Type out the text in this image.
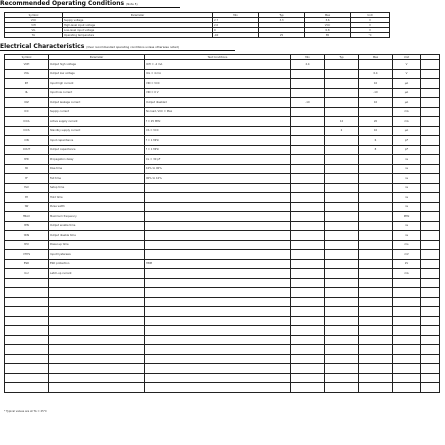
Recommended Operating Conditions (Note 5)
Symbol	Parameter	Min	Typ	Max	Unit
VCC	Supply voltage	2.7	3.3	3.6	V
VIH	High-level input voltage	2.0		VCC	V
VIL	Low-level input voltage	0		0.8	V
TA	Operating temperature	-40	25	85	°C
Electrical Characteristics (Over recommended operating conditions unless otherwise noted)
Symbol	Parameter	Test Conditions	Min	Typ	Max	Unit	
VOH	Output high voltage	IOH = -4 mA	2.4			V	
VOL	Output low voltage	IOL = 4 mA			0.4	V	
IIH	Input high current	VIN = VCC			10	µA	
IIL	Input low current	VIN = 0 V			-10	µA	
IOZ	Output leakage current	Output disabled	-10		10	µA	
ICC	Supply current	No load, VCC = Max				mA	
ICCA	Active supply current	f = 25 MHz		12	20	mA	
ICCS	Standby supply current	CS = VCC		2	10	µA	
CIN	Input capacitance	f = 1 MHz			6	pF	
COUT	Output capacitance	f = 1 MHz			8	pF	
tPD	Propagation delay	CL = 30 pF				ns	
tR	Rise time	10% to 90%				ns	
tF	Fall time	90% to 10%				ns	
tSU	Setup time					ns	
tH	Hold time					ns	
tW	Pulse width					ns	
fMAX	Maximum frequency					MHz	
tEN	Output enable time					ns	
tDIS	Output disable time					ns	
tPU	Power-up time					ms	
VHYS	Input hysteresis					mV	
ESD	ESD protection	HBM				kV	
ILU	Latch-up current					mA	

* Typical values are at TA = 25°C
